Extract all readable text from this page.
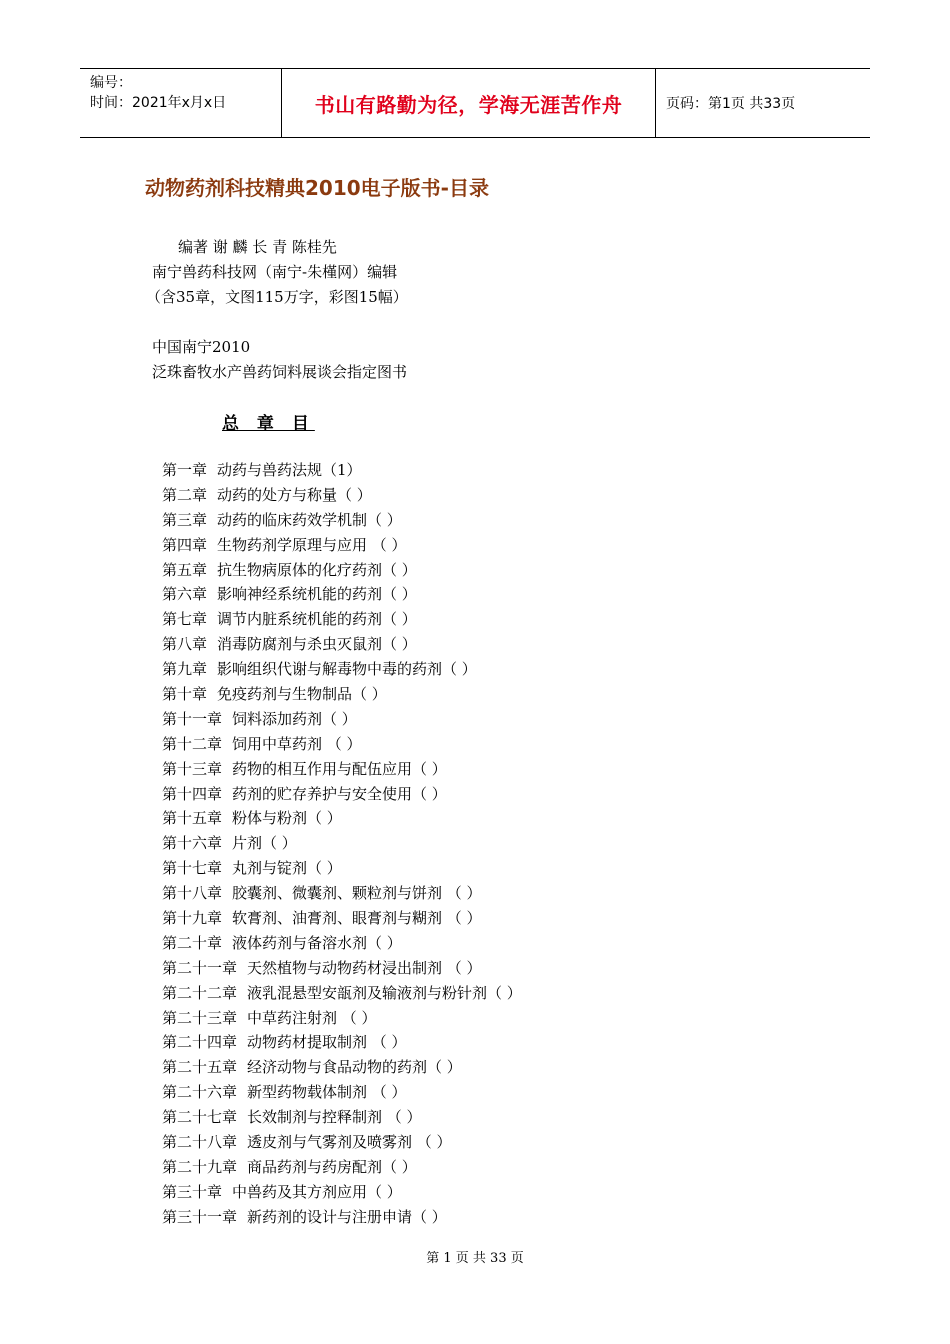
编号：
时间：2021年x月x日	书山有路勤为径，学海无涯苦作舟	页码：第1页 共33页
动物药剂科技精典2010电子版书-目录
编著 谢 麟 长 青 陈桂先
南宁兽药科技网（南宁-朱槿网）编辑
（含35章，文图115万字，彩图15幅）
中国南宁2010
泛珠畜牧水产兽药饲料展谈会指定图书
总 章 目
第一章 动药与兽药法规（1）
第二章 动药的处方与称量（ ）
第三章 动药的临床药效学机制（ ）
第四章 生物药剂学原理与应用 （ ）
第五章 抗生物病原体的化疗药剂（ ）
第六章 影响神经系统机能的药剂（ ）
第七章 调节内脏系统机能的药剂（ ）
第八章 消毒防腐剂与杀虫灭鼠剂（ ）
第九章 影响组织代谢与解毒物中毒的药剂（ ）
第十章 免疫药剂与生物制品（ ）
第十一章 饲料添加药剂（ ）
第十二章 饲用中草药剂 （ ）
第十三章 药物的相互作用与配伍应用（ ）
第十四章 药剂的贮存养护与安全使用（ ）
第十五章 粉体与粉剂（ ）
第十六章 片剂（ ）
第十七章 丸剂与锭剂（ ）
第十八章 胶囊剂、微囊剂、颗粒剂与饼剂 （ ）
第十九章 软膏剂、油膏剂、眼膏剂与糊剂 （ ）
第二十章 液体药剂与备溶水剂（ ）
第二十一章 天然植物与动物药材浸出制剂 （ ）
第二十二章 液乳混悬型安瓿剂及输液剂与粉针剂（ ）
第二十三章 中草药注射剂 （ ）
第二十四章 动物药材提取制剂 （ ）
第二十五章 经济动物与食品动物的药剂（ ）
第二十六章 新型药物载体制剂 （ ）
第二十七章 长效制剂与控释制剂 （ ）
第二十八章 透皮剂与气雾剂及喷雾剂 （ ）
第二十九章 商品药剂与药房配剂（ ）
第三十章 中兽药及其方剂应用（ ）
第三十一章 新药剂的设计与注册申请（ ）
第 1 页 共 33 页
